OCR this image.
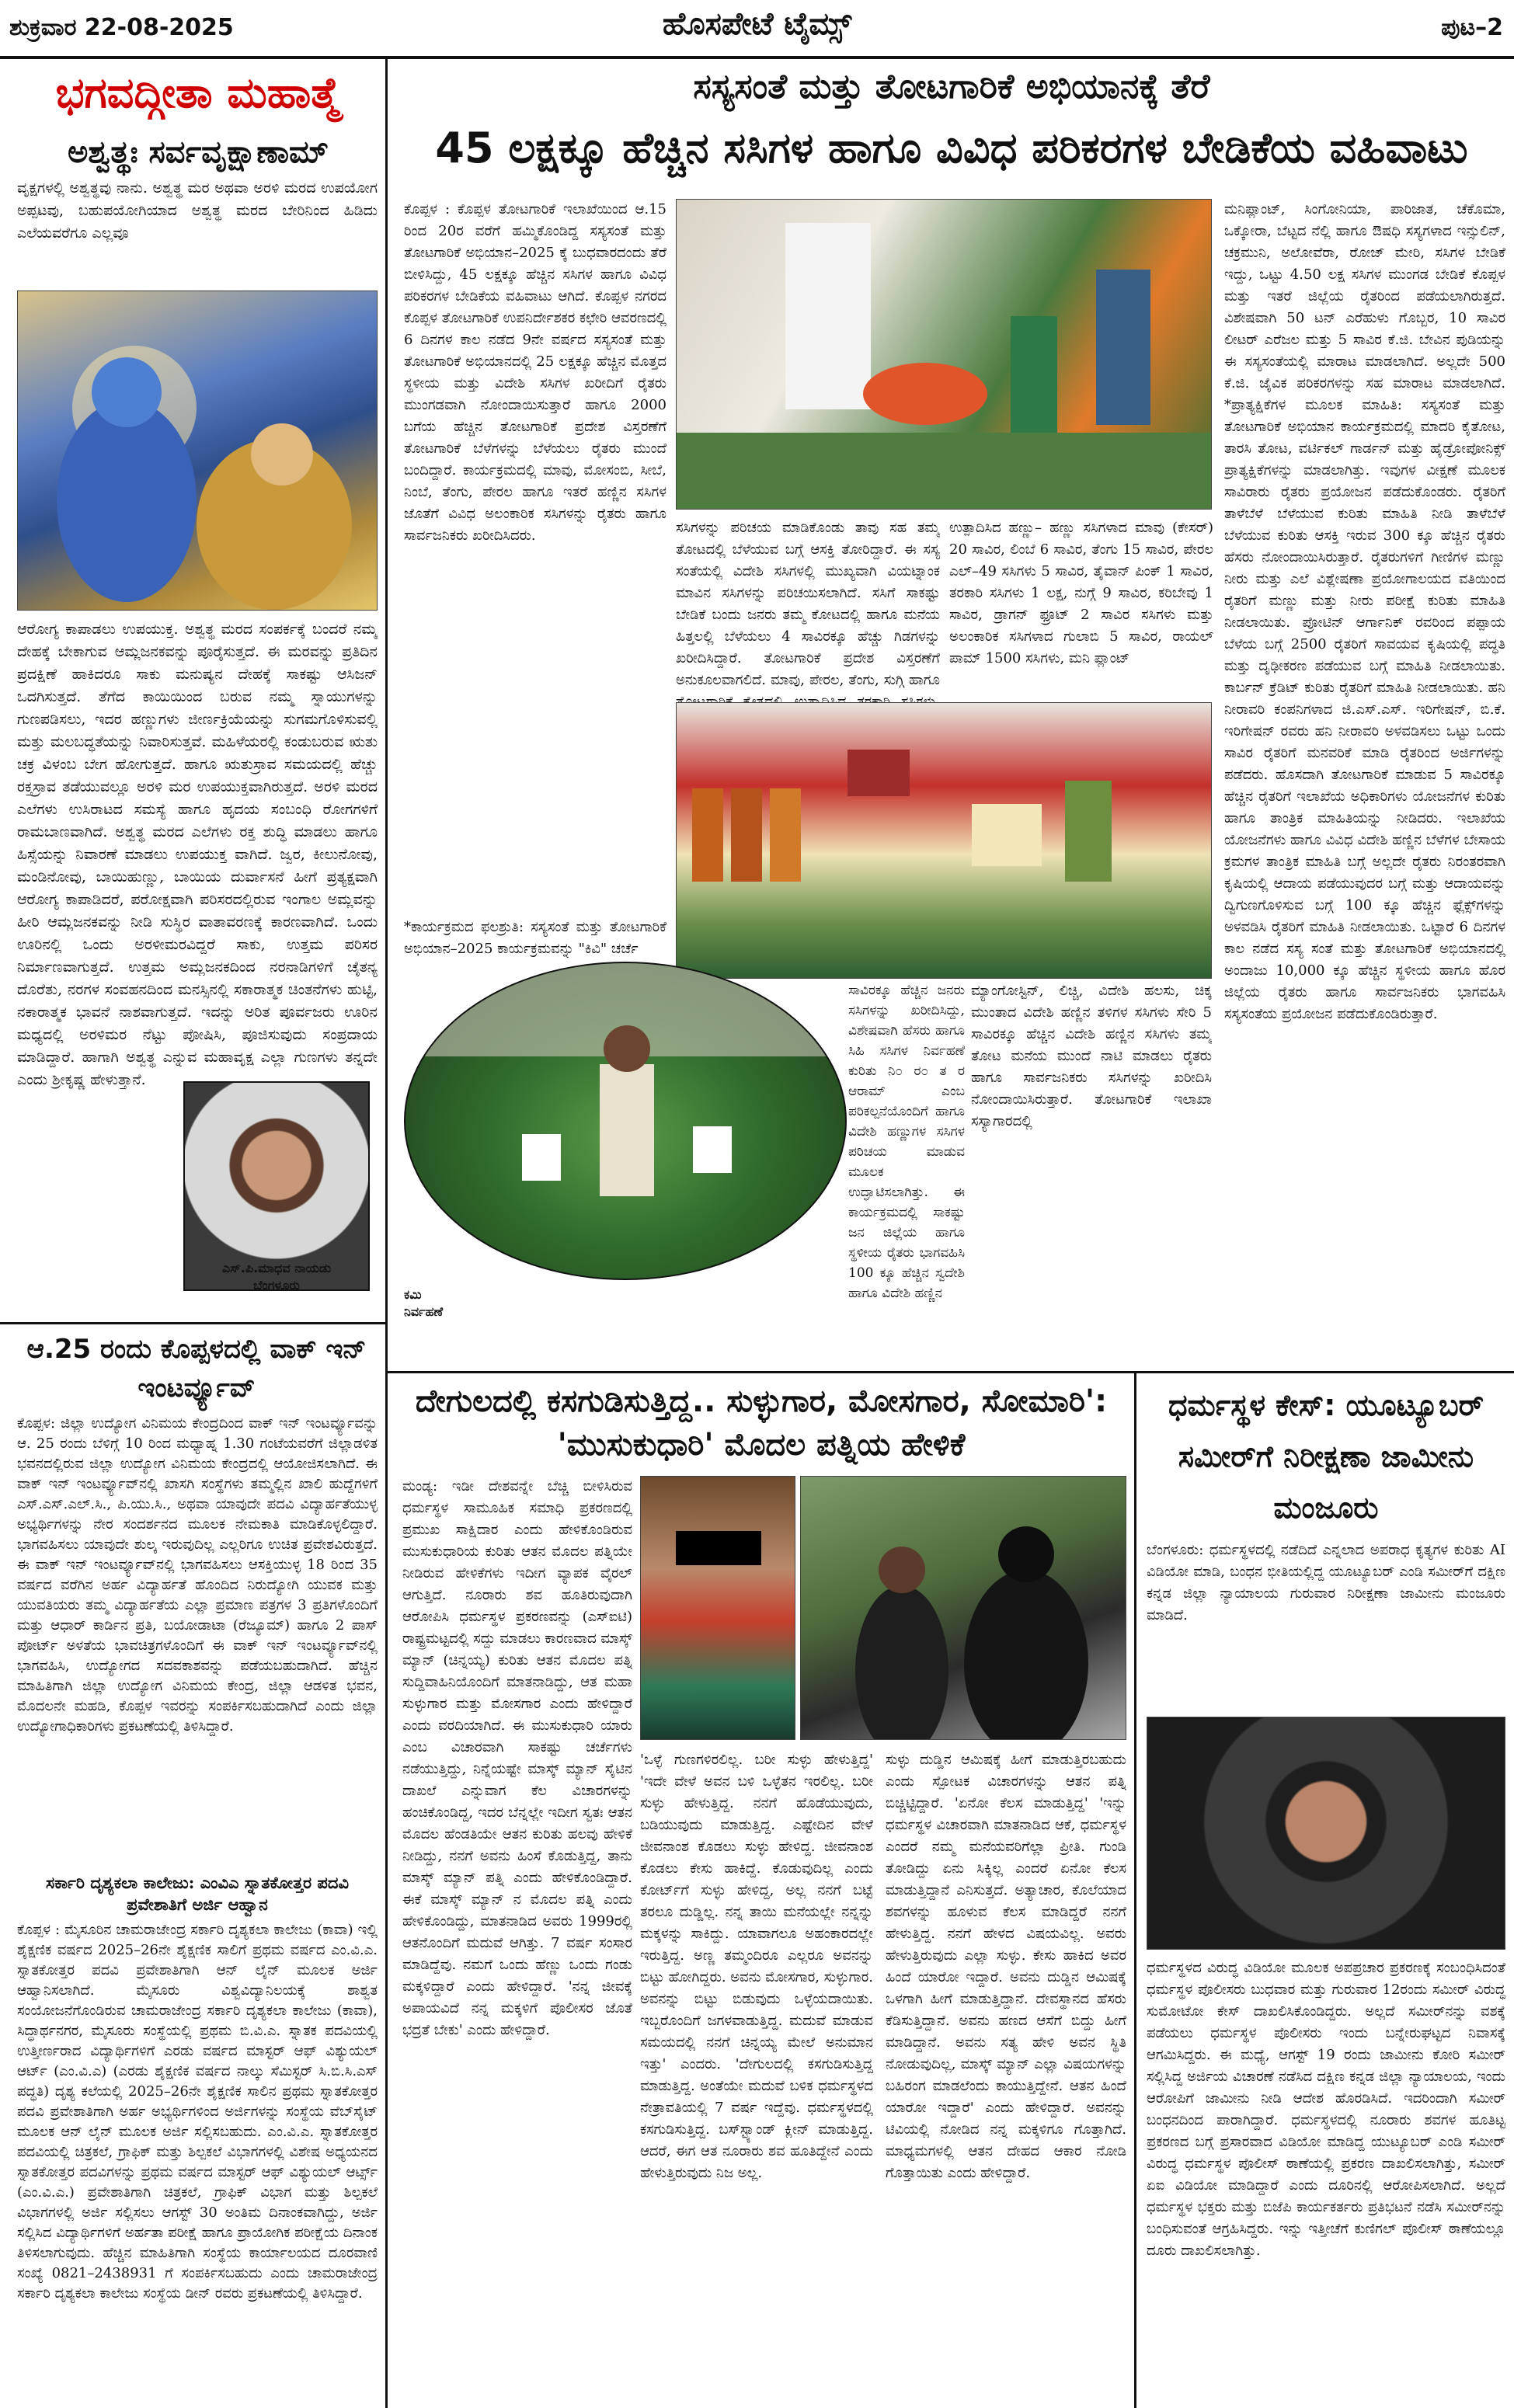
ಶುಕ್ರವಾರ 22-08-2025	ಹೊಸಪೇಟೆ ಟೈಮ್ಸ್	ಪುಟ–2
ಭಗವದ್ಗೀತಾ ಮಹಾತ್ಮೆ
ಅಶ್ವತ್ಥಃ ಸರ್ವವೃಕ್ಷಾಣಾಮ್
ವೃಕ್ಷಗಳಲ್ಲಿ ಅಶ್ವತ್ಥವು ನಾನು. ಅಶ್ವತ್ಥ ಮರ ಅಥವಾ ಅರಳಿ ಮರದ ಉಪಯೋಗ ಅಪ್ಪಟವು, ಬಹುಪಯೋಗಿಯಾದ ಅಶ್ವತ್ಥ ಮರದ ಬೇರಿನಿಂದ ಹಿಡಿದು ಎಲೆಯವರೆಗೂ ಎಲ್ಲವೂ
ಆರೋಗ್ಯ ಕಾಪಾಡಲು ಉಪಯುಕ್ತ. ಅಶ್ವತ್ಥ ಮರದ ಸಂಪರ್ಕಕ್ಕೆ ಬಂದರೆ ನಮ್ಮ ದೇಹಕ್ಕೆ ಬೇಕಾಗುವ ಆಮ್ಲಜನಕವನ್ನು ಪೂರೈಸುತ್ತದೆ. ಈ ಮರವನ್ನು ಪ್ರತಿದಿನ ಪ್ರದಕ್ಷಿಣೆ ಹಾಕಿದರೂ ಸಾಕು ಮನುಷ್ಯನ ದೇಹಕ್ಕೆ ಸಾಕಷ್ಟು ಆಸಿಜನ್ ಒದಗಿಸುತ್ತದೆ. ತೆಗೆದ ಕಾಯಿಯಿಂದ ಬರುವ ನಮ್ಮ ಸ್ನಾಯುಗಳನ್ನು ಗುಣಪಡಿಸಲು, ಇದರ ಹಣ್ಣುಗಳು ಜೀರ್ಣಕ್ರಿಯೆಯನ್ನು ಸುಗಮಗೊಳಿಸುವಲ್ಲಿ ಮತ್ತು ಮಲಬದ್ಧತೆಯನ್ನು ನಿವಾರಿಸುತ್ತವೆ. ಮಹಿಳೆಯರಲ್ಲಿ ಕಂಡುಬರುವ ಋತು ಚಕ್ರ ವಿಳಂಬ ಬೇಗ ಹೋಗುತ್ತದೆ. ಹಾಗೂ ಋತುಸ್ರಾವ ಸಮಯದಲ್ಲಿ ಹೆಚ್ಚು ರಕ್ತಸ್ರಾವ ತಡೆಯುವಲ್ಲೂ ಅರಳಿ ಮರ ಉಪಯುಕ್ತವಾಗಿರುತ್ತದೆ. ಅರಳಿ ಮರದ ಎಲೆಗಳು ಉಸಿರಾಟದ ಸಮಸ್ಯೆ ಹಾಗೂ ಹೃದಯ ಸಂಬಂಧಿ ರೋಗಗಳಿಗೆ ರಾಮಬಾಣವಾಗಿದೆ. ಅಶ್ವತ್ಥ ಮರದ ಎಲೆಗಳು ರಕ್ತ ಶುದ್ಧಿ ಮಾಡಲು ಹಾಗೂ ಹಿಸ್ಸೆಯನ್ನು ನಿವಾರಣೆ ಮಾಡಲು ಉಪಯುಕ್ತ ವಾಗಿದೆ. ಜ್ವರ, ಕೀಲುನೋವು, ಮಂಡಿನೋವು, ಬಾಯಿಹುಣ್ಣು, ಬಾಯಿಯ ದುರ್ವಾಸನೆ ಹೀಗೆ ಪ್ರತ್ಯಕ್ಷವಾಗಿ ಆರೋಗ್ಯ ಕಾಪಾಡಿದರೆ, ಪರೋಕ್ಷವಾಗಿ ಪರಿಸರದಲ್ಲಿರುವ ಇಂಗಾಲ ಅಮ್ಲವನ್ನು ಹೀರಿ ಆಮ್ಲಜನಕವನ್ನು ನೀಡಿ ಸುಸ್ಥಿರ ವಾತಾವರಣಕ್ಕೆ ಕಾರಣವಾಗಿದೆ. ಒಂದು ಊರಿನಲ್ಲಿ ಒಂದು ಅರಳೀಮರವಿದ್ದರೆ ಸಾಕು, ಉತ್ತಮ ಪರಿಸರ ನಿರ್ಮಾಣವಾಗುತ್ತದೆ. ಉತ್ತಮ ಅಮ್ಲಜನಕದಿಂದ ನರನಾಡಿಗಳಿಗೆ ಚೈತನ್ಯ ದೊರೆತು, ನರಗಳ ಸಂವಹನದಿಂದ ಮನಸ್ಸಿನಲ್ಲಿ ಸಕಾರಾತ್ಮಕ ಚಿಂತನೆಗಳು ಹುಟ್ಟಿ, ನಕಾರಾತ್ಮಕ ಭಾವನೆ ನಾಶವಾಗುತ್ತದೆ. ಇದನ್ನು ಅರಿತ ಪೂರ್ವಜರು ಊರಿನ ಮಧ್ಯದಲ್ಲಿ ಅರಳಿಮರ ನೆಟ್ಟು ಪೋಷಿಸಿ, ಪೂಜಿಸುವುದು ಸಂಪ್ರದಾಯ ಮಾಡಿದ್ದಾರೆ. ಹಾಗಾಗಿ ಅಶ್ವತ್ಥ ಎನ್ನುವ ಮಹಾವೃಕ್ಷ ಎಲ್ಲಾ ಗುಣಗಳು ತನ್ನದೇ ಎಂದು ಶ್ರೀಕೃಷ್ಣ ಹೇಳುತ್ತಾನೆ.
ಎಸ್.ಪಿ.ಮಾಧವ ನಾಯಡು
ಬೆಂಗಳೂರು
ಆ.25 ರಂದು ಕೊಪ್ಪಳದಲ್ಲಿ ವಾಕ್ ಇನ್ ಇಂಟರ್ವ್ಯೂವ್
ಕೊಪ್ಪಳ: ಜಿಲ್ಲಾ ಉದ್ಯೋಗ ವಿನಿಮಯ ಕೇಂದ್ರದಿಂದ ವಾಕ್ ಇನ್ ಇಂಟರ್ವ್ಯೂವನ್ನು ಆ. 25 ರಂದು ಬೆಳಿಗ್ಗೆ 10 ರಿಂದ ಮಧ್ಯಾಹ್ನ 1.30 ಗಂಟೆಯವರೆಗೆ ಜಿಲ್ಲಾಡಳಿತ ಭವನದಲ್ಲಿರುವ ಜಿಲ್ಲಾ ಉದ್ಯೋಗ ವಿನಿಮಯ ಕೇಂದ್ರದಲ್ಲಿ ಆಯೋಜಿಸಲಾಗಿದೆ. ಈ ವಾಕ್ ಇನ್ ಇಂಟರ್ವ್ಯೂವ್‌ನಲ್ಲಿ ಖಾಸಗಿ ಸಂಸ್ಥೆಗಳು ತಮ್ಮಲ್ಲಿನ ಖಾಲಿ ಹುದ್ದೆಗಳಿಗೆ ಎಸ್.ಎಸ್.ಎಲ್.ಸಿ., ಪಿ.ಯು.ಸಿ., ಅಥವಾ ಯಾವುದೇ ಪದವಿ ವಿದ್ಯಾರ್ಹತೆಯುಳ್ಳ ಅಭ್ಯರ್ಥಿಗಳನ್ನು ನೇರ ಸಂದರ್ಶನದ ಮೂಲಕ ನೇಮಕಾತಿ ಮಾಡಿಕೊಳ್ಳಲಿದ್ದಾರೆ. ಭಾಗವಹಿಸಲು ಯಾವುದೇ ಶುಲ್ಕ ಇರುವುದಿಲ್ಲ ಎಲ್ಲರಿಗೂ ಉಚಿತ ಪ್ರವೇಶವಿರುತ್ತದೆ. ಈ ವಾಕ್ ಇನ್ ಇಂಟರ್ವ್ಯೂವ್‌ನಲ್ಲಿ ಭಾಗವಹಿಸಲು ಆಸಕ್ತಿಯುಳ್ಳ 18 ರಿಂದ 35 ವರ್ಷದ ವರೆಗಿನ ಅರ್ಹ ವಿದ್ಯಾರ್ಹತೆ ಹೊಂದಿದ ನಿರುದ್ಯೋಗಿ ಯುವಕ ಮತ್ತು ಯುವತಿಯರು ತಮ್ಮ ವಿದ್ಯಾರ್ಹತೆಯ ಎಲ್ಲಾ ಪ್ರಮಾಣ ಪತ್ರಗಳ 3 ಪ್ರತಿಗಳೊಂದಿಗೆ ಮತ್ತು ಆಧಾರ್ ಕಾರ್ಡಿನ ಪ್ರತಿ, ಬಯೋಡಾಟಾ (ರೆಜ್ಯೂಮ್) ಹಾಗೂ 2 ಪಾಸ್ ಪೋರ್ಟ್ ಅಳತೆಯ ಭಾವಚಿತ್ರಗಳೊಂದಿಗೆ ಈ ವಾಕ್ ಇನ್ ಇಂಟರ್ವ್ಯೂವ್‌ನಲ್ಲಿ ಭಾಗವಹಿಸಿ, ಉದ್ಯೋಗದ ಸದವಕಾಶವನ್ನು ಪಡೆಯಬಹುದಾಗಿದೆ. ಹೆಚ್ಚಿನ ಮಾಹಿತಿಗಾಗಿ ಜಿಲ್ಲಾ ಉದ್ಯೋಗ ವಿನಿಮಯ ಕೇಂದ್ರ, ಜಿಲ್ಲಾ ಆಡಳಿತ ಭವನ, ಮೊದಲನೇ ಮಹಡಿ, ಕೊಪ್ಪಳ ಇವರನ್ನು ಸಂಪರ್ಕಿಸಬಹುದಾಗಿದೆ ಎಂದು ಜಿಲ್ಲಾ ಉದ್ಯೋಗಾಧಿಕಾರಿಗಳು ಪ್ರಕಟಣೆಯಲ್ಲಿ ತಿಳಿಸಿದ್ದಾರೆ.
ಸರ್ಕಾರಿ ದೃಶ್ಯಕಲಾ ಕಾಲೇಜು: ಎಂವಿಎ ಸ್ನಾತಕೋತ್ತರ ಪದವಿ ಪ್ರವೇಶಾತಿಗೆ ಅರ್ಜಿ ಆಹ್ವಾನ
ಕೊಪ್ಪಳ : ಮೈಸೂರಿನ ಚಾಮರಾಜೇಂದ್ರ ಸರ್ಕಾರಿ ದೃಶ್ಯಕಲಾ ಕಾಲೇಜು (ಕಾವಾ) ಇಲ್ಲಿ ಶೈಕ್ಷಣಿಕ ವರ್ಷದ 2025–26ನೇ ಶೈಕ್ಷಣಿಕ ಸಾಲಿಗೆ ಪ್ರಥಮ ವರ್ಷದ ಎಂ.ವಿ.ಎ. ಸ್ನಾತಕೋತ್ತರ ಪದವಿ ಪ್ರವೇಶಾತಿಗಾಗಿ ಆನ್ ಲೈನ್ ಮೂಲಕ ಅರ್ಜಿ ಆಹ್ವಾನಿಸಲಾಗಿದೆ. ಮೈಸೂರು ವಿಶ್ವವಿದ್ಯಾನಿಲಯಕ್ಕೆ ಶಾಶ್ವತ ಸಂಯೋಜನೆಗೊಂಡಿರುವ ಚಾಮರಾಜೇಂದ್ರ ಸರ್ಕಾರಿ ದೃಶ್ಯಕಲಾ ಕಾಲೇಜು (ಕಾವಾ), ಸಿದ್ಧಾರ್ಥನಗರ, ಮೈಸೂರು ಸಂಸ್ಥೆಯಲ್ಲಿ ಪ್ರಥಮ ಬಿ.ವಿ.ಎ. ಸ್ನಾತಕ ಪದವಿಯಲ್ಲಿ ಉತ್ತೀರ್ಣರಾದ ವಿದ್ಯಾರ್ಥಿಗಳಿಗೆ ಎರಡು ವರ್ಷದ ಮಾಸ್ಟರ್ ಆಫ್ ವಿಶ್ಯುಯಲ್ ಆರ್ಟ್ (ಎಂ.ವಿ.ಎ) (ಎರಡು ಶೈಕ್ಷಣಿಕ ವರ್ಷದ ನಾಲ್ಕು ಸೆಮಿಸ್ಟರ್ ಸಿ.ಬಿ.ಸಿ.ಎಸ್ ಪದ್ಧತಿ) ದೃಶ್ಯ ಕಲೆಯಲ್ಲಿ 2025–26ನೇ ಶೈಕ್ಷಣಿಕ ಸಾಲಿನ ಪ್ರಥಮ ಸ್ನಾತಕೋತ್ತರ ಪದವಿ ಪ್ರವೇಶಾತಿಗಾಗಿ ಅರ್ಹ ಅಭ್ಯರ್ಥಿಗಳಿಂದ ಅರ್ಜಿಗಳನ್ನು ಸಂಸ್ಥೆಯ ವೆಬ್‌ಸೈಟ್ ಮೂಲಕ ಆನ್ ಲೈನ್ ಮೂಲಕ ಅರ್ಜಿ ಸಲ್ಲಿಸಬಹುದು. ಎಂ.ವಿ.ಎ. ಸ್ನಾತಕೋತ್ತರ ಪದವಿಯಲ್ಲಿ ಚಿತ್ರಕಲೆ, ಗ್ರಾಫಿಕ್ ಮತ್ತು ಶಿಲ್ಪಕಲೆ ವಿಭಾಗಗಳಲ್ಲಿ ವಿಶೇಷ ಅಧ್ಯಯನದ ಸ್ನಾತಕೋತ್ತರ ಪದವಿಗಳನ್ನು ಪ್ರಥಮ ವರ್ಷದ ಮಾಸ್ಟರ್ ಆಫ್ ವಿಶ್ಯುಯಲ್ ಆರ್ಟ್ಸ್ (ಎಂ.ವಿ.ಎ.) ಪ್ರವೇಶಾತಿಗಾಗಿ ಚಿತ್ರಕಲೆ, ಗ್ರಾಫಿಕ್ ವಿಭಾಗ ಮತ್ತು ಶಿಲ್ಪಕಲೆ ವಿಭಾಗಗಳಲ್ಲಿ ಅರ್ಜಿ ಸಲ್ಲಿಸಲು ಆಗಸ್ಟ್ 30 ಅಂತಿಮ ದಿನಾಂಕವಾಗಿದ್ದು, ಅರ್ಜಿ ಸಲ್ಲಿಸಿದ ವಿದ್ಯಾರ್ಥಿಗಳಿಗೆ ಅರ್ಹತಾ ಪರೀಕ್ಷೆ ಹಾಗೂ ಪ್ರಾಯೋಗಿಕ ಪರೀಕ್ಷೆಯ ದಿನಾಂಕ ತಿಳಿಸಲಾಗುವುದು. ಹೆಚ್ಚಿನ ಮಾಹಿತಿಗಾಗಿ ಸಂಸ್ಥೆಯ ಕಾರ್ಯಾಲಯದ ದೂರವಾಣಿ ಸಂಖ್ಯೆ 0821–2438931 ಗೆ ಸಂಪರ್ಕಿಸಬಹುದು ಎಂದು ಚಾಮರಾಜೇಂದ್ರ ಸರ್ಕಾರಿ ದೃಶ್ಯಕಲಾ ಕಾಲೇಜು ಸಂಸ್ಥೆಯ ಡೀನ್ ರವರು ಪ್ರಕಟಣೆಯಲ್ಲಿ ತಿಳಿಸಿದ್ದಾರೆ.
ಸಸ್ಯಸಂತೆ ಮತ್ತು ತೋಟಗಾರಿಕೆ ಅಭಿಯಾನಕ್ಕೆ ತೆರೆ
45 ಲಕ್ಷಕ್ಕೂ ಹೆಚ್ಚಿನ ಸಸಿಗಳ ಹಾಗೂ ವಿವಿಧ ಪರಿಕರಗಳ ಬೇಡಿಕೆಯ ವಹಿವಾಟು
ಕೊಪ್ಪಳ : ಕೊಪ್ಪಳ ತೋಟಗಾರಿಕೆ ಇಲಾಖೆಯಿಂದ ಆ.15 ರಿಂದ 20ರ ವರೆಗೆ ಹಮ್ಮಿಕೊಂಡಿದ್ದ ಸಸ್ಯಸಂತೆ ಮತ್ತು ತೋಟಗಾರಿಕೆ ಅಭಿಯಾನ–2025 ಕ್ಕೆ ಬುಧವಾರದಂದು ತೆರೆ ಬೀಳಿಸಿದ್ದು, 45 ಲಕ್ಷಕ್ಕೂ ಹೆಚ್ಚಿನ ಸಸಿಗಳ ಹಾಗೂ ವಿವಿಧ ಪರಿಕರಗಳ ಬೇಡಿಕೆಯ ವಹಿವಾಟು ಆಗಿದೆ. ಕೊಪ್ಪಳ ನಗರದ ಕೊಪ್ಪಳ ತೋಟಗಾರಿಕೆ ಉಪನಿರ್ದೇಶಕರ ಕಛೇರಿ ಆವರಣದಲ್ಲಿ 6 ದಿನಗಳ ಕಾಲ ನಡೆದ 9ನೇ ವರ್ಷದ ಸಸ್ಯಸಂತೆ ಮತ್ತು ತೋಟಗಾರಿಕೆ ಅಭಿಯಾನದಲ್ಲಿ 25 ಲಕ್ಷಕ್ಕೂ ಹೆಚ್ಚಿನ ಮೊತ್ತದ ಸ್ಥಳೀಯ ಮತ್ತು ವಿದೇಶಿ ಸಸಿಗಳ ಖರೀದಿಗೆ ರೈತರು ಮುಂಗಡವಾಗಿ ನೋಂದಾಯಿಸುತ್ತಾರೆ ಹಾಗೂ 2000 ಬಗೆಯ ಹೆಚ್ಚಿನ ತೋಟಗಾರಿಕೆ ಪ್ರದೇಶ ವಿಸ್ತರಣೆಗೆ ತೋಟಗಾರಿಕೆ ಬೆಳೆಗಳನ್ನು ಬೆಳೆಯಲು ರೈತರು ಮುಂದೆ ಬಂದಿದ್ದಾರೆ. ಕಾರ್ಯಕ್ರಮದಲ್ಲಿ ಮಾವು, ಮೋಸಂಬಿ, ಸೀಬೆ, ನಿಂಬೆ, ತೆಂಗು, ಪೇರಲ ಹಾಗೂ ಇತರೆ ಹಣ್ಣಿನ ಸಸಿಗಳ ಜೊತೆಗೆ ವಿವಿಧ ಅಲಂಕಾರಿಕ ಸಸಿಗಳನ್ನು ರೈತರು ಹಾಗೂ ಸಾರ್ವಜನಿಕರು ಖರೀದಿಸಿದರು.
ಮನಿಪ್ಲಾಂಟ್, ಸಿಂಗೋನಿಯಾ, ಪಾರಿಜಾತ, ಚೆಕೊಮಾ, ಒಕ್ಕೋರಾ, ಬೆಟ್ಟದ ನೆಲ್ಲಿ ಹಾಗೂ ಔಷಧಿ ಸಸ್ಯಗಳಾದ ಇನ್ಸುಲಿನ್, ಚಕ್ರಮುನಿ, ಅಲೋವೆರಾ, ರೋಜ್ ಮೇರಿ, ಸಸಿಗಳ ಬೇಡಿಕೆ ಇದ್ದು, ಒಟ್ಟು 4.50 ಲಕ್ಷ ಸಸಿಗಳ ಮುಂಗಡ ಬೇಡಿಕೆ ಕೊಪ್ಪಳ ಮತ್ತು ಇತರೆ ಜಿಲ್ಲೆಯ ರೈತರಿಂದ ಪಡೆಯಲಾಗಿರುತ್ತದೆ. ವಿಶೇಷವಾಗಿ 50 ಟನ್ ಎರೆಹುಳು ಗೊಬ್ಬರ, 10 ಸಾವಿರ ಲೀಟರ್ ಎರೆಜಲ ಮತ್ತು 5 ಸಾವಿರ ಕೆ.ಜಿ. ಬೇವಿನ ಪುಡಿಯನ್ನು ಈ ಸಸ್ಯಸಂತೆಯಲ್ಲಿ ಮಾರಾಟ ಮಾಡಲಾಗಿದೆ. ಅಲ್ಲದೇ 500 ಕೆ.ಜಿ. ಜೈವಿಕ ಪರಿಕರಗಳನ್ನು ಸಹ ಮಾರಾಟ ಮಾಡಲಾಗಿದೆ. *ಪ್ರಾತ್ಯಕ್ಷಿಕೆಗಳ ಮೂಲಕ ಮಾಹಿತಿ: ಸಸ್ಯಸಂತೆ ಮತ್ತು ತೋಟಗಾರಿಕೆ ಅಭಿಯಾನ ಕಾರ್ಯಕ್ರಮದಲ್ಲಿ ಮಾದರಿ ಕೈತೋಟ, ತಾರಸಿ ತೋಟ, ವರ್ಟಿಕಲ್ ಗಾರ್ಡನ್ ಮತ್ತು ಹೈಡ್ರೋಪೋನಿಕ್ಸ್ ಪ್ರಾತ್ಯಕ್ಷಿಕೆಗಳನ್ನು ಮಾಡಲಾಗಿತ್ತು. ಇವುಗಳ ವೀಕ್ಷಣೆ ಮೂಲಕ ಸಾವಿರಾರು ರೈತರು ಪ್ರಯೋಜನ ಪಡೆದುಕೊಂಡರು. ರೈತರಿಗೆ ತಾಳೆಬೆಳೆ ಬೆಳೆಯುವ ಕುರಿತು ಮಾಹಿತಿ ನೀಡಿ ತಾಳೆಬೆಳೆ ಬೆಳೆಯುವ ಕುರಿತು ಆಸಕ್ತಿ ಇರುವ 300 ಕ್ಕೂ ಹೆಚ್ಚಿನ ರೈತರು ಹೆಸರು ನೋಂದಾಯಿಸಿರುತ್ತಾರೆ. ರೈತರುಗಳಿಗೆ ಗೀಣಿಗಳ ಮಣ್ಣು ನೀರು ಮತ್ತು ಎಲೆ ವಿಶ್ಲೇಷಣಾ ಪ್ರಯೋಗಾಲಯದ ವತಿಯಿಂದ ರೈತರಿಗೆ ಮಣ್ಣು ಮತ್ತು ನೀರು ಪರೀಕ್ಷೆ ಕುರಿತು ಮಾಹಿತಿ ನೀಡಲಾಯಿತು. ಪ್ರೋಟಿನ್ ಆರ್ಗಾನಿಕ್ ರವರಿಂದ ಪಪ್ಪಾಯ ಬೆಳೆಯ ಬಗ್ಗೆ 2500 ರೈತರಿಗೆ ಸಾವಯವ ಕೃಷಿಯಲ್ಲಿ ಪದ್ಧತಿ ಮತ್ತು ದೃಢೀಕರಣ ಪಡೆಯುವ ಬಗ್ಗೆ ಮಾಹಿತಿ ನೀಡಲಾಯಿತು. ಕಾರ್ಬನ್ ಕ್ರೆಡಿಟ್ ಕುರಿತು ರೈತರಿಗೆ ಮಾಹಿತಿ ನೀಡಲಾಯಿತು. ಹನಿ ನೀರಾವರಿ ಕಂಪನಿಗಳಾದ ಜಿ.ಎಸ್.ಎಸ್. ಇರಿಗೇಷನ್, ಬಿ.ಕೆ. ಇರಿಗೇಷನ್ ರವರು ಹನಿ ನೀರಾವರಿ ಅಳವಡಿಸಲು ಒಟ್ಟು ಒಂದು ಸಾವಿರ ರೈತರಿಗೆ ಮನವರಿಕೆ ಮಾಡಿ ರೈತರಿಂದ ಅರ್ಜಿಗಳನ್ನು ಪಡೆದರು. ಹೊಸದಾಗಿ ತೋಟಗಾರಿಕೆ ಮಾಡುವ 5 ಸಾವಿರಕ್ಕೂ ಹೆಚ್ಚಿನ ರೈತರಿಗೆ ಇಲಾಖೆಯ ಅಧಿಕಾರಿಗಳು ಯೋಜನೆಗಳ ಕುರಿತು ಹಾಗೂ ತಾಂತ್ರಿಕ ಮಾಹಿತಿಯನ್ನು ನೀಡಿದರು. ಇಲಾಖೆಯ ಯೋಜನೆಗಳು ಹಾಗೂ ವಿವಿಧ ವಿದೇಶಿ ಹಣ್ಣಿನ ಬೆಳೆಗಳ ಬೇಸಾಯ ಕ್ರಮಗಳ ತಾಂತ್ರಿಕ ಮಾಹಿತಿ ಬಗ್ಗೆ ಅಲ್ಲದೇ ರೈತರು ನಿರಂತರವಾಗಿ ಕೃಷಿಯಲ್ಲಿ ಆದಾಯ ಪಡೆಯುವುದರ ಬಗ್ಗೆ ಮತ್ತು ಆದಾಯವನ್ನು ದ್ವಿಗುಣಗೊಳಿಸುವ ಬಗ್ಗೆ 100 ಕ್ಕೂ ಹೆಚ್ಚಿನ ಫ್ಲೆಕ್ಸ್‌ಗಳನ್ನು ಅಳವಡಿಸಿ ರೈತರಿಗೆ ಮಾಹಿತಿ ನೀಡಲಾಯಿತು. ಒಟ್ಟಾರೆ 6 ದಿನಗಳ ಕಾಲ ನಡೆದ ಸಸ್ಯ ಸಂತೆ ಮತ್ತು ತೋಟಗಾರಿಕೆ ಅಭಿಯಾನದಲ್ಲಿ ಅಂದಾಜು 10,000 ಕ್ಕೂ ಹೆಚ್ಚಿನ ಸ್ಥಳೀಯ ಹಾಗೂ ಹೊರ ಜಿಲ್ಲೆಯ ರೈತರು ಹಾಗೂ ಸಾರ್ವಜನಿಕರು ಭಾಗವಹಿಸಿ ಸಸ್ಯಸಂತೆಯ ಪ್ರಯೋಜನ ಪಡೆದುಕೊಂಡಿರುತ್ತಾರೆ.
ಸಸಿಗಳನ್ನು ಪರಿಚಯ ಮಾಡಿಕೊಂಡು ತಾವು ಸಹ ತಮ್ಮ ತೋಟದಲ್ಲಿ ಬೆಳೆಯುವ ಬಗ್ಗೆ ಆಸಕ್ತಿ ತೋರಿದ್ದಾರೆ. ಈ ಸಸ್ಯ ಸಂತೆಯಲ್ಲಿ ವಿದೇಶಿ ಸಸಿಗಳಲ್ಲಿ ಮುಖ್ಯವಾಗಿ ವಿಯಟ್ನಾಂಕ ಮಾವಿನ ಸಸಿಗಳನ್ನು ಪರಿಚಯಿಸಲಾಗಿದೆ. ಸಸಿಗೆ ಸಾಕಷ್ಟು ಬೇಡಿಕೆ ಬಂದು ಜನರು ತಮ್ಮ ಕೋಟದಲ್ಲಿ ಹಾಗೂ ಮನೆಯ ಹಿತ್ತಲಲ್ಲಿ ಬೆಳೆಯಲು 4 ಸಾವಿರಕ್ಕೂ ಹೆಚ್ಚು ಗಿಡಗಳನ್ನು ಖರೀದಿಸಿದ್ದಾರೆ. ತೋಟಗಾರಿಕೆ ಪ್ರದೇಶ ವಿಸ್ತರಣೆಗೆ ಅನುಕೂಲವಾಗಲಿದೆ. ಮಾವು, ಪೇರಲ, ತೆಂಗು, ಸುಗ್ಗಿ ಹಾಗೂ
ಉತ್ಪಾದಿಸಿದ ಹಣ್ಣು– ಹಣ್ಣು ಸಸಿಗಳಾದ ಮಾವು (ಕೇಸರ್) 20 ಸಾವಿರ, ಲಿಂಬೆ 6 ಸಾವಿರ, ತೆಂಗು 15 ಸಾವಿರ, ಪೇರಲ ಎಲ್–49 ಸಸಿಗಳು 5 ಸಾವಿರ, ತೈವಾನ್ ಪಿಂಕ್ 1 ಸಾವಿರ, ತರಕಾರಿ ಸಸಿಗಳು 1 ಲಕ್ಷ, ನುಗ್ಗೆ 9 ಸಾವಿರ, ಕರಿಬೇವು 1 ಸಾವಿರ, ಡ್ರಾಗನ್ ಫ್ರೂಟ್ 2 ಸಾವಿರ ಸಸಿಗಳು ಮತ್ತು ಅಲಂಕಾರಿಕ ಸಸಿಗಳಾದ ಗುಲಾಬಿ 5 ಸಾವಿರ, ರಾಯಲ್ ಪಾಮ್ 1500 ಸಸಿಗಳು, ಮನಿ ಪ್ಲಾಂಟ್
*ಕಾರ್ಯಕ್ರಮದ ಫಲಶ್ರುತಿ: ಸಸ್ಯಸಂತೆ ಮತ್ತು ತೋಟಗಾರಿಕೆ ಅಭಿಯಾನ–2025 ಕಾರ್ಯಕ್ರಮವನ್ನು "ಕಿವಿ" ಚರ್ಚೆ
ಸಾವಿರಕ್ಕೂ ಹೆಚ್ಚಿನ ಜನರು ಸಸಿಗಳನ್ನು ಖರೀದಿಸಿದ್ದು, ವಿಶೇಷವಾಗಿ ಹೆಸರು ಹಾಗೂ ಸಿಹಿ ಸಸಿಗಳ ನಿರ್ವಹಣೆ ಕುರಿತು ನಿ೦ ರ೦ ತ ರ ಆರಾಮ್ ಎಂಬ ಪರಿಕಲ್ಪನೆಯೊಂದಿಗೆ ಹಾಗೂ ವಿದೇಶಿ ಹಣ್ಣುಗಳ ಸಸಿಗಳ ಪರಿಚಯ ಮಾಡುವ ಮೂಲಕ ಉದ್ಘಾಟಿಸಲಾಗಿತ್ತು. ಈ ಕಾರ್ಯಕ್ರಮದಲ್ಲಿ ಸಾಕಷ್ಟು ಜನ ಜಿಲ್ಲೆಯ ಹಾಗೂ ಸ್ಥಳೀಯ ರೈತರು ಭಾಗವಹಿಸಿ 100 ಕ್ಕೂ ಹೆಚ್ಚಿನ ಸ್ವದೇಶಿ ಹಾಗೂ ವಿದೇಶಿ ಹಣ್ಣಿನ
ಮ್ಯಾಂಗೋಸ್ಟಿನ್, ಲಿಚ್ಚಿ, ವಿದೇಶಿ ಹಲಸು, ಚಿಕ್ಕ ಮುಂತಾದ ವಿದೇಶಿ ಹಣ್ಣಿನ ತಳಿಗಳ ಸಸಿಗಳು ಸೇರಿ 5 ಸಾವಿರಕ್ಕೂ ಹೆಚ್ಚಿನ ವಿದೇಶಿ ಹಣ್ಣಿನ ಸಸಿಗಳು ತಮ್ಮ ತೋಟ ಮನೆಯ ಮುಂದೆ ನಾಟಿ ಮಾಡಲು ರೈತರು ಹಾಗೂ ಸಾರ್ವಜನಿಕರು ಸಸಿಗಳನ್ನು ಖರೀದಿಸಿ ನೋಂದಾಯಿಸಿರುತ್ತಾರೆ. ತೋಟಗಾರಿಕೆ ಇಲಾಖಾ ಸಸ್ಯಾಗಾರದಲ್ಲಿ
ಕಮಿ
ನಿರ್ವಹಣೆ
ದೇಗುಲದಲ್ಲಿ ಕಸಗುಡಿಸುತ್ತಿದ್ದ.. ಸುಳ್ಳುಗಾರ, ಮೋಸಗಾರ, ಸೋಮಾರಿ': 'ಮುಸುಕುಧಾರಿ' ಮೊದಲ ಪತ್ನಿಯ ಹೇಳಿಕೆ
ಮಂಡ್ಯ: ಇಡೀ ದೇಶವನ್ನೇ ಬೆಚ್ಚಿ ಬೀಳಿಸಿರುವ ಧರ್ಮಸ್ಥಳ ಸಾಮೂಹಿಕ ಸಮಾಧಿ ಪ್ರಕರಣದಲ್ಲಿ ಪ್ರಮುಖ ಸಾಕ್ಷಿದಾರ ಎಂದು ಹೇಳಿಕೊಂಡಿರುವ ಮುಸುಕುಧಾರಿಯ ಕುರಿತು ಆತನ ಮೊದಲ ಪತ್ನಿಯೇ ನೀಡಿರುವ ಹೇಳಿಕೆಗಳು ಇದೀಗ ವ್ಯಾಪಕ ವೈರಲ್ ಆಗುತ್ತಿದೆ. ನೂರಾರು ಶವ ಹೂತಿರುವುದಾಗಿ ಆರೋಪಿಸಿ ಧರ್ಮಸ್ಥಳ ಪ್ರಕರಣವನ್ನು (ಎಸ್ಐಟಿ) ರಾಷ್ಟ್ರಮಟ್ಟದಲ್ಲಿ ಸದ್ದು ಮಾಡಲು ಕಾರಣವಾದ ಮಾಸ್ಕ್ ಮ್ಯಾನ್ (ಚಿನ್ನಯ್ಯ) ಕುರಿತು ಆತನ ಮೊದಲ ಪತ್ನಿ ಸುದ್ದಿವಾಹಿನಿಯೊಂದಿಗೆ ಮಾತನಾಡಿದ್ದು, ಆತ ಮಹಾ ಸುಳ್ಳುಗಾರ ಮತ್ತು ಮೋಸಗಾರ ಎಂದು ಹೇಳಿದ್ದಾರೆ ಎಂದು ವರದಿಯಾಗಿದೆ. ಈ ಮುಸುಕುಧಾರಿ ಯಾರು ಎಂಬ ವಿಚಾರವಾಗಿ ಸಾಕಷ್ಟು ಚರ್ಚೆಗಳು ನಡೆಯುತ್ತಿದ್ದು, ನಿನ್ನೆಯಷ್ಟೇ ಮಾಸ್ಕ್ ಮ್ಯಾನ್ ಸೈಟಿನ ದಾಖಲೆ ಎನ್ನುವಾಗ ಕೆಲ ವಿಚಾರಗಳನ್ನು ಹಂಚಿಕೊಂಡಿದ್ದ, ಇದರ ಬೆನ್ನಲ್ಲೇ ಇದೀಗ ಸ್ವತಃ ಆತನ ಮೊದಲ ಹೆಂಡತಿಯೇ ಆತನ ಕುರಿತು ಹಲವು ಹೇಳಿಕೆ ನೀಡಿದ್ದು, ನನಗೆ ಅವನು ಹಿಂಸೆ ಕೊಡುತ್ತಿದ್ದ, ತಾನು ಮಾಸ್ಕ್ ಮ್ಯಾನ್ ಪತ್ನಿ ಎಂದು ಹೇಳಿಕೊಂಡಿದ್ದಾರೆ. ಈಕೆ ಮಾಸ್ಕ್ ಮ್ಯಾನ್ ನ ಮೊದಲ ಪತ್ನಿ ಎಂದು ಹೇಳಿಕೊಂಡಿದ್ದು, ಮಾತನಾಡಿದ ಅವರು 1999ರಲ್ಲಿ ಆತನೊಂದಿಗೆ ಮದುವೆ ಆಗಿತ್ತು. 7 ವರ್ಷ ಸಂಸಾರ ಮಾಡಿದ್ದೆವು. ನಮಗೆ ಒಂದು ಹೆಣ್ಣು ಒಂದು ಗಂಡು ಮಕ್ಕಳಿದ್ದಾರೆ ಎಂದು ಹೇಳಿದ್ದಾರೆ. 'ನನ್ನ ಜೀವಕ್ಕೆ ಅಪಾಯವಿದೆ ನನ್ನ ಮಕ್ಕಳಿಗೆ ಪೊಲೀಸರ ಜೊತೆ ಭದ್ರತೆ ಬೇಕು' ಎಂದು ಹೇಳಿದ್ದಾರೆ.
'ಒಳ್ಳೆ ಗುಣಗಳಿರಲಿಲ್ಲ. ಬರೀ ಸುಳ್ಳು ಹೇಳುತ್ತಿದ್ದ' 'ಇದೇ ವೇಳೆ ಅವನ ಬಳಿ ಒಳ್ಳೆತನ ಇರಲಿಲ್ಲ. ಬರೀ ಸುಳ್ಳು ಹೇಳುತ್ತಿದ್ದ. ನನಗೆ ಹೊಡೆಯುವುದು, ಬಡಿಯುವುದು ಮಾಡುತ್ತಿದ್ದ. ಎಷ್ಟೇದಿನ ವೇಳೆ ಜೀವನಾಂಶ ಕೊಡಲು ಸುಳ್ಳು ಹೇಳಿದ್ದ. ಜೀವನಾಂಶ ಕೊಡಲು ಕೇಸು ಹಾಕಿದ್ದೆ. ಕೊಡುವುದಿಲ್ಲ ಎಂದು ಕೋರ್ಟ್‌ಗೆ ಸುಳ್ಳು ಹೇಳಿದ್ದ, ಅಲ್ಲ ನನಗೆ ಬಟ್ಟೆ ತರಲೂ ದುಡ್ಡಿಲ್ಲ. ನನ್ನ ತಾಯಿ ಮನೆಯಲ್ಲೇ ನನ್ನನ್ನು ಮಕ್ಕಳನ್ನು ಸಾಕಿದ್ದು. ಯಾವಾಗಲೂ ಅಹಂಕಾರದಲ್ಲೇ ಇರುತ್ತಿದ್ದ. ಅಣ್ಣ ತಮ್ಮಂದಿರೂ ಎಲ್ಲರೂ ಅವನನ್ನು ಬಿಟ್ಟು ಹೋಗಿದ್ದರು. ಅವನು ಮೋಸಗಾರ, ಸುಳ್ಳುಗಾರ. ಅವನನ್ನು ಬಿಟ್ಟು ಬಿಡುವುದು ಒಳ್ಳೆಯದಾಯಿತು. ಇಬ್ಬರೊಂದಿಗೆ ಜಗಳವಾಡುತ್ತಿದ್ದ. ಮದುವೆ ಮಾಡುವ ಸಮಯದಲ್ಲಿ ನನಗೆ ಚಿನ್ನಯ್ಯ ಮೇಲೆ ಅನುಮಾನ ಇತ್ತು' ಎಂದರು. 'ದೇಗುಲದಲ್ಲಿ ಕಸಗುಡಿಸುತ್ತಿದ್ದ ಮಾಡುತ್ತಿದ್ದ. ಅಂತೆಯೇ ಮದುವೆ ಬಳಿಕ ಧರ್ಮಸ್ಥಳದ ನೇತ್ರಾವತಿಯಲ್ಲಿ 7 ವರ್ಷ ಇದ್ದೆವು. ಧರ್ಮಸ್ಥಳದಲ್ಲಿ ಕಸಗುಡಿಸುತ್ತಿದ್ದ. ಬಸ್‌ಸ್ಟ್ಯಾಂಡ್ ಕ್ಲೀನ್ ಮಾಡುತ್ತಿದ್ದ. ಆದರೆ, ಈಗ ಆತ ನೂರಾರು ಶವ ಹೂತಿದ್ದೇನೆ ಎಂದು ಹೇಳುತ್ತಿರುವುದು ನಿಜ ಅಲ್ಲ.
ಸುಳ್ಳು ದುಡ್ಡಿನ ಆಮಿಷಕ್ಕೆ ಹೀಗೆ ಮಾಡುತ್ತಿರಬಹುದು ಎಂದು ಸ್ಪೋಟಕ ವಿಚಾರಗಳನ್ನು ಆತನ ಪತ್ನಿ ಬಿಚ್ಚಿಟ್ಟಿದ್ದಾರೆ. 'ಏನೋ ಕೆಲಸ ಮಾಡುತ್ತಿದ್ದ' 'ಇನ್ನು ಧರ್ಮಸ್ಥಳ ವಿಚಾರವಾಗಿ ಮಾತನಾಡಿದ ಆಕೆ, ಧರ್ಮಸ್ಥಳ ಎಂದರೆ ನಮ್ಮ ಮನೆಯವರಿಗೆಲ್ಲಾ ಪ್ರೀತಿ. ಗುಂಡಿ ತೋಡಿದ್ದು ಏನು ಸಿಕ್ಕಿಲ್ಲ ಎಂದರೆ ಏನೋ ಕೆಲಸ ಮಾಡುತ್ತಿದ್ದಾನೆ ಎನಿಸುತ್ತದೆ. ಅತ್ಯಾಚಾರ, ಕೊಲೆಯಾದ ಶವಗಳನ್ನು ಹೂಳುವ ಕೆಲಸ ಮಾಡಿದ್ದರೆ ನನಗೆ ಹೇಳುತ್ತಿದ್ದ. ನನಗೆ ಹೇಳದ ವಿಷಯವಿಲ್ಲ. ಅವರು ಹೇಳುತ್ತಿರುವುದು ಎಲ್ಲಾ ಸುಳ್ಳು. ಕೇಸು ಹಾಕಿದ ಅವರ ಹಿಂದೆ ಯಾರೋ ಇದ್ದಾರೆ. ಅವನು ದುಡ್ಡಿನ ಆಮಿಷಕ್ಕೆ ಒಳಗಾಗಿ ಹೀಗೆ ಮಾಡುತ್ತಿದ್ದಾನೆ. ದೇವಸ್ಥಾನದ ಹೆಸರು ಕೆಡಿಸುತ್ತಿದ್ದಾನೆ. ಅವನು ಹಣದ ಆಸೆಗೆ ಬಿದ್ದು ಹೀಗೆ ಮಾಡಿದ್ದಾನೆ. ಅವನು ಸತ್ಯ ಹೇಳಿ ಅವನ ಸ್ಥಿತಿ ನೋಡುವುದಿಲ್ಲ, ಮಾಸ್ಕ್ ಮ್ಯಾನ್ ಎಲ್ಲಾ ವಿಷಯಗಳನ್ನು ಬಹಿರಂಗ ಮಾಡಲೆಂದು ಕಾಯುತ್ತಿದ್ದೇನೆ. ಆತನ ಹಿಂದೆ ಯಾರೋ ಇದ್ದಾರೆ' ಎಂದು ಹೇಳಿದ್ದಾರೆ. ಅವನನ್ನು ಟಿವಿಯಲ್ಲಿ ನೋಡಿದ ನನ್ನ ಮಕ್ಕಳಿಗೂ ಗೊತ್ತಾಗಿದೆ. ಮಾಧ್ಯಮಗಳಲ್ಲಿ ಆತನ ದೇಹದ ಆಕಾರ ನೋಡಿ ಗೊತ್ತಾಯಿತು ಎಂದು ಹೇಳಿದ್ದಾರೆ.
ಧರ್ಮಸ್ಥಳ ಕೇಸ್: ಯೂಟ್ಯೂಬರ್ ಸಮೀರ್‌ಗೆ ನಿರೀಕ್ಷಣಾ ಜಾಮೀನು ಮಂಜೂರು
ಬೆಂಗಳೂರು: ಧರ್ಮಸ್ಥಳದಲ್ಲಿ ನಡೆದಿದೆ ಎನ್ನಲಾದ ಅಪರಾಧ ಕೃತ್ಯಗಳ ಕುರಿತು AI ವಿಡಿಯೋ ಮಾಡಿ, ಬಂಧನ ಭೀತಿಯಲ್ಲಿದ್ದ ಯೂಟ್ಯೂಬರ್ ಎಂಡಿ ಸಮೀರ್‌ಗೆ ದಕ್ಷಿಣ ಕನ್ನಡ ಜಿಲ್ಲಾ ನ್ಯಾಯಾಲಯ ಗುರುವಾರ ನಿರೀಕ್ಷಣಾ ಜಾಮೀನು ಮಂಜೂರು ಮಾಡಿದೆ.
ಧರ್ಮಸ್ಥಳದ ವಿರುದ್ಧ ವಿಡಿಯೋ ಮೂಲಕ ಅಪಪ್ರಚಾರ ಪ್ರಕರಣಕ್ಕೆ ಸಂಬಂಧಿಸಿದಂತೆ ಧರ್ಮಸ್ಥಳ ಪೊಲೀಸರು ಬುಧವಾರ ಮತ್ತು ಗುರುವಾರ 12ರಂದು ಸಮೀರ್ ವಿರುದ್ಧ ಸುಮೋಟೋ ಕೇಸ್ ದಾಖಲಿಸಿಕೊಂಡಿದ್ದರು. ಅಲ್ಲದೆ ಸಮೀರ್‌ನನ್ನು ವಶಕ್ಕೆ ಪಡೆಯಲು ಧರ್ಮಸ್ಥಳ ಪೊಲೀಸರು ಇಂದು ಬನ್ನೇರುಘಟ್ಟದ ನಿವಾಸಕ್ಕೆ ಆಗಮಿಸಿದ್ದರು. ಈ ಮಧ್ಯೆ, ಆಗಸ್ಟ್ 19 ರಂದು ಜಾಮೀನು ಕೋರಿ ಸಮೀರ್ ಸಲ್ಲಿಸಿದ್ದ ಅರ್ಜಿಯ ವಿಚಾರಣೆ ನಡೆಸಿದ ದಕ್ಷಿಣ ಕನ್ನಡ ಜಿಲ್ಲಾ ನ್ಯಾಯಾಲಯ, ಇಂದು ಆರೋಪಿಗೆ ಜಾಮೀನು ನೀಡಿ ಆದೇಶ ಹೊರಡಿಸಿದೆ. ಇದರಿಂದಾಗಿ ಸಮೀರ್ ಬಂಧನದಿಂದ ಪಾರಾಗಿದ್ದಾರೆ. ಧರ್ಮಸ್ಥಳದಲ್ಲಿ ನೂರಾರು ಶವಗಳ ಹೂತಿಟ್ಟ ಪ್ರಕರಣದ ಬಗ್ಗೆ ಪ್ರಸಾರವಾದ ವಿಡಿಯೋ ಮಾಡಿದ್ದ ಯುಟ್ಯೂಬರ್ ಎಂಡಿ ಸಮೀರ್ ವಿರುದ್ಧ ಧರ್ಮಸ್ಥಳ ಪೊಲೀಸ್ ಠಾಣೆಯಲ್ಲಿ ಪ್ರಕರಣ ದಾಖಲಿಸಲಾಗಿತ್ತು, ಸಮೀರ್ ಏಐ ವಿಡಿಯೋ ಮಾಡಿದ್ದಾರೆ ಎಂದು ದೂರಿನಲ್ಲಿ ಆರೋಪಿಸಲಾಗಿದೆ. ಅಲ್ಲದೆ ಧರ್ಮಸ್ಥಳ ಭಕ್ತರು ಮತ್ತು ಬಿಜೆಪಿ ಕಾರ್ಯಕರ್ತರು ಪ್ರತಿಭಟನೆ ನಡೆಸಿ ಸಮೀರ್‌ನನ್ನು ಬಂಧಿಸುವಂತೆ ಆಗ್ರಹಿಸಿದ್ದರು. ಇನ್ನು ಇತ್ತೀಚೆಗೆ ಕುಣಿಗಲ್ ಪೊಲೀಸ್ ಠಾಣೆಯಲ್ಲೂ ದೂರು ದಾಖಲಿಸಲಾಗಿತ್ತು.
